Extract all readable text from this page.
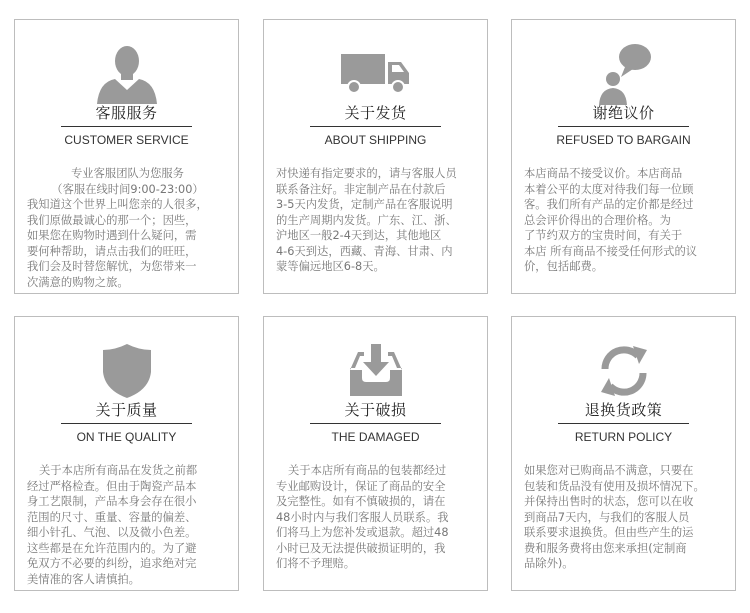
客服服务
CUSTOMER SERVICE
专业客服团队为您服务
（客服在线时间9:00-23:00）
我知道这个世界上叫您亲的人很多，
我们原做最诚心的那一个；因些，
如果您在购物时遇到什么疑问，需
要何种帮助，请点击我们的旺旺，
我们会及时替您解忧，为您带来一
次满意的购物之旅。
关于发货
ABOUT SHIPPING
对快递有指定要求的，请与客服人员
联系备注好。非定制产品在付款后
3-5天内发货，定制产品在客服说明
的生产周期内发货。广东、江、浙、
沪地区一般2-4天到达，其他地区
4-6天到达，西藏、青海、甘肃、内
蒙等偏远地区6-8天。
谢绝议价
REFUSED TO BARGAIN
本店商品不接受议价。本店商品
本着公平的太度对待我们每一位顾
客。我们所有产品的定价都是经过
总会评价得出的合理价格。为
了节约双方的宝贵时间，有关于
本店 所有商品不接受任何形式的议
价，包括邮费。
关于质量
ON THE QUALITY
关于本店所有商品在发货之前都
经过严格检查。但由于陶瓷产品本
身工艺限制，产品本身会存在很小
范围的尺寸、重量、容量的偏差、
细小针孔、气泡、以及微小色差。
这些都是在允许范围内的。为了避
免双方不必要的纠纷，追求绝对完
美情准的客人请慎拍。
关于破损
THE DAMAGED
关于本店所有商品的包装都经过
专业邮购设计，保证了商品的安全
及完整性。如有不慎破损的，请在
48小时内与我们客服人员联系。我
们将马上为您补发或退款。超过48
小时已及无法提供破损证明的，我
们将不予理赔。
退换货政策
RETURN POLICY
如果您对已购商品不满意，只要在
包装和货品没有使用及损坏情况下。
并保持出售时的状态，您可以在收
到商品7天内，与我们的客服人员
联系要求退换货。但由些产生的运
费和服务费将由您来承担(定制商
品除外)。
